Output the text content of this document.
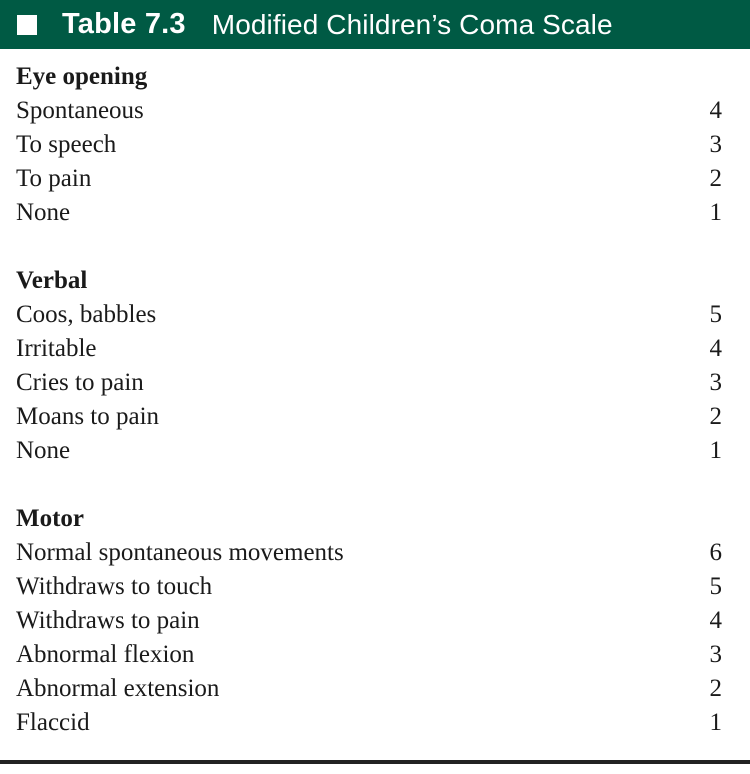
Table 7.3 Modified Children’s Coma Scale
Eye opening
Spontaneous	4
To speech	3
To pain	2
None	1
Verbal
Coos, babbles	5
Irritable	4
Cries to pain	3
Moans to pain	2
None	1
Motor
Normal spontaneous movements	6
Withdraws to touch	5
Withdraws to pain	4
Abnormal flexion	3
Abnormal extension	2
Flaccid	1
